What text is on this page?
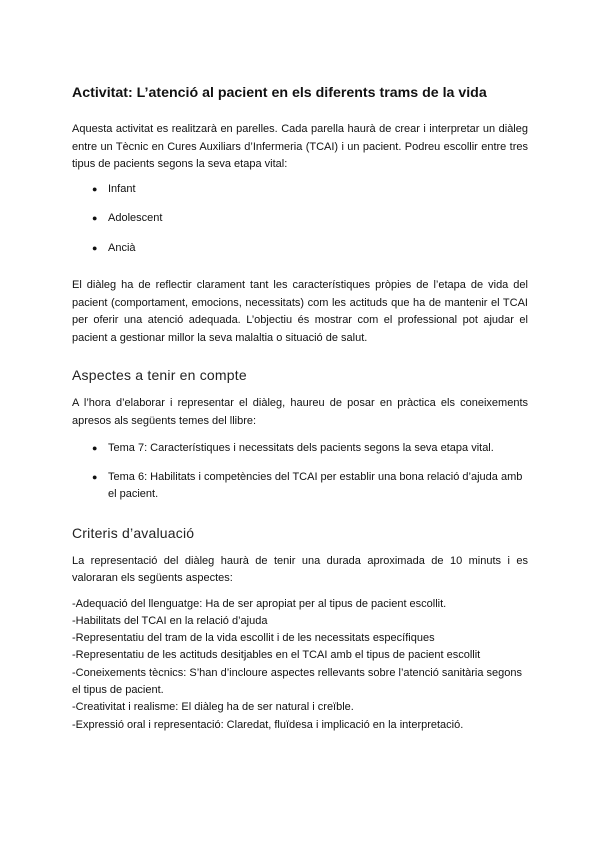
Activitat: L’atenció al pacient en els diferents trams de la vida

Aquesta activitat es realitzarà en parelles. Cada parella haurà de crear i interpretar un diàleg entre un Tècnic en Cures Auxiliars d’Infermeria (TCAI) i un pacient. Podreu escollir entre tres tipus de pacients segons la seva etapa vital:

● Infant
● Adolescent
● Ancià

El diàleg ha de reflectir clarament tant les característiques pròpies de l’etapa de vida del pacient (comportament, emocions, necessitats) com les actituds que ha de mantenir el TCAI per oferir una atenció adequada. L’objectiu és mostrar com el professional pot ajudar el pacient a gestionar millor la seva malaltia o situació de salut.

Aspectes a tenir en compte

A l’hora d’elaborar i representar el diàleg, haureu de posar en pràctica els coneixements apresos als següents temes del llibre:

● Tema 7: Característiques i necessitats dels pacients segons la seva etapa vital.
● Tema 6: Habilitats i competències del TCAI per establir una bona relació d’ajuda amb el pacient.
Criteris d’avaluació

La representació del diàleg haurà de tenir una durada aproximada de 10 minuts i es valoraran els següents aspectes:

-Adequació del llenguatge: Ha de ser apropiat per al tipus de pacient escollit.
-Habilitats del TCAI en la relació d’ajuda
-Representatiu del tram de la vida escollit i de les necessitats específiques
-Representatiu de les actituds desitjables en el TCAI amb el tipus de pacient escollit
-Coneixements tècnics: S’han d’incloure aspectes rellevants sobre l’atenció sanitària segons el tipus de pacient.
-Creativitat i realisme: El diàleg ha de ser natural i creïble.
-Expressió oral i representació: Claredat, fluïdesa i implicació en la interpretació.
